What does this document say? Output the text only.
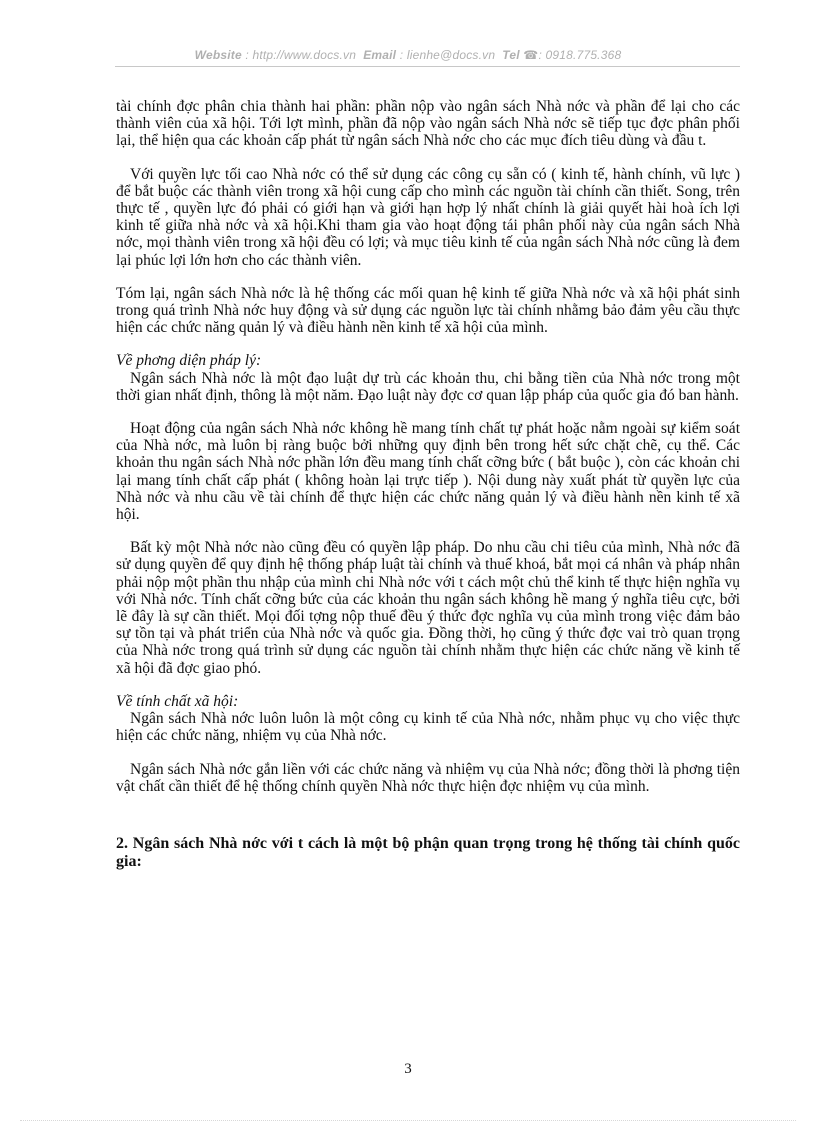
Website : http://www.docs.vn Email : lienhe@docs.vn Tel ☎: 0918.775.368

tài chính đợc phân chia thành hai phần: phần nộp vào ngân sách Nhà nớc và phần để lại cho các thành viên của xã hội. Tới lợt mình, phần đã nộp vào ngân sách Nhà nớc sẽ tiếp tục đợc phân phối lại, thể hiện qua các khoản cấp phát từ ngân sách Nhà nớc cho các mục đích tiêu dùng và đầu t.

Với quyền lực tối cao Nhà nớc có thể sử dụng các công cụ sẵn có ( kinh tế, hành chính, vũ lực ) để bắt buộc các thành viên trong xã hội cung cấp cho mình các nguồn tài chính cần thiết. Song, trên thực tế , quyền lực đó phải có giới hạn và giới hạn hợp lý nhất chính là giải quyết hài hoà ích lợi kinh tế giữa nhà nớc và xã hội.Khi tham gia vào hoạt động tái phân phối này của ngân sách Nhà nớc, mọi thành viên trong xã hội đều có lợi; và mục tiêu kinh tế của ngân sách Nhà nớc cũng là đem lại phúc lợi lớn hơn cho các thành viên.

Tóm lại, ngân sách Nhà nớc là hệ thống các mối quan hệ kinh tế giữa Nhà nớc và xã hội phát sinh trong quá trình Nhà nớc huy động và sử dụng các nguồn lực tài chính nhằmg bảo đảm yêu cầu thực hiện các chức năng quản lý và điều hành nền kinh tế xã hội của mình.

Về phơng diện pháp lý:

Ngân sách Nhà nớc là một đạo luật dự trù các khoản thu, chi bằng tiền của Nhà nớc trong một thời gian nhất định, thông là một năm. Đạo luật này đợc cơ quan lập pháp của quốc gia đó ban hành.

Hoạt động của ngân sách Nhà nớc không hề mang tính chất tự phát hoặc nằm ngoài sự kiểm soát của Nhà nớc, mà luôn bị ràng buộc bởi những quy định bên trong hết sức chặt chẽ, cụ thể. Các khoản thu ngân sách Nhà nớc phần lớn đều mang tính chất cỡng bức ( bắt buộc ), còn các khoản chi lại mang tính chất cấp phát ( không hoàn lại trực tiếp ). Nội dung này xuất phát từ quyền lực của Nhà nớc và nhu cầu về tài chính để thực hiện các chức năng quản lý và điều hành nền kinh tế xã hội.

Bất kỳ một Nhà nớc nào cũng đều có quyền lập pháp. Do nhu cầu chi tiêu của mình, Nhà nớc đã sử dụng quyền để quy định hệ thống pháp luật tài chính và thuế khoá, bắt mọi cá nhân và pháp nhân phải nộp một phần thu nhập của mình chi Nhà nớc với t cách một chủ thể kinh tế thực hiện nghĩa vụ với Nhà nớc. Tính chất cỡng bức của các khoản thu ngân sách không hề mang ý nghĩa tiêu cực, bởi lẽ đây là sự cần thiết. Mọi đối tợng nộp thuế đều ý thức đợc nghĩa vụ của mình trong việc đảm bảo sự tồn tại và phát triển của Nhà nớc và quốc gia. Đồng thời, họ cũng ý thức đợc vai trò quan trọng của Nhà nớc trong quá trình sử dụng các nguồn tài chính nhằm thực hiện các chức năng về kinh tế xã hội đã đợc giao phó.

Về tính chất xã hội:

Ngân sách Nhà nớc luôn luôn là một công cụ kinh tế của Nhà nớc, nhằm phục vụ cho việc thực hiện các chức năng, nhiệm vụ của Nhà nớc.

Ngân sách Nhà nớc gắn liền với các chức năng và nhiệm vụ của Nhà nớc; đồng thời là phơng tiện vật chất cần thiết để hệ thống chính quyền Nhà nớc thực hiện đợc nhiệm vụ của mình.

2. Ngân sách Nhà nớc với t cách là một bộ phận quan trọng trong hệ thống tài chính quốc gia:

3
